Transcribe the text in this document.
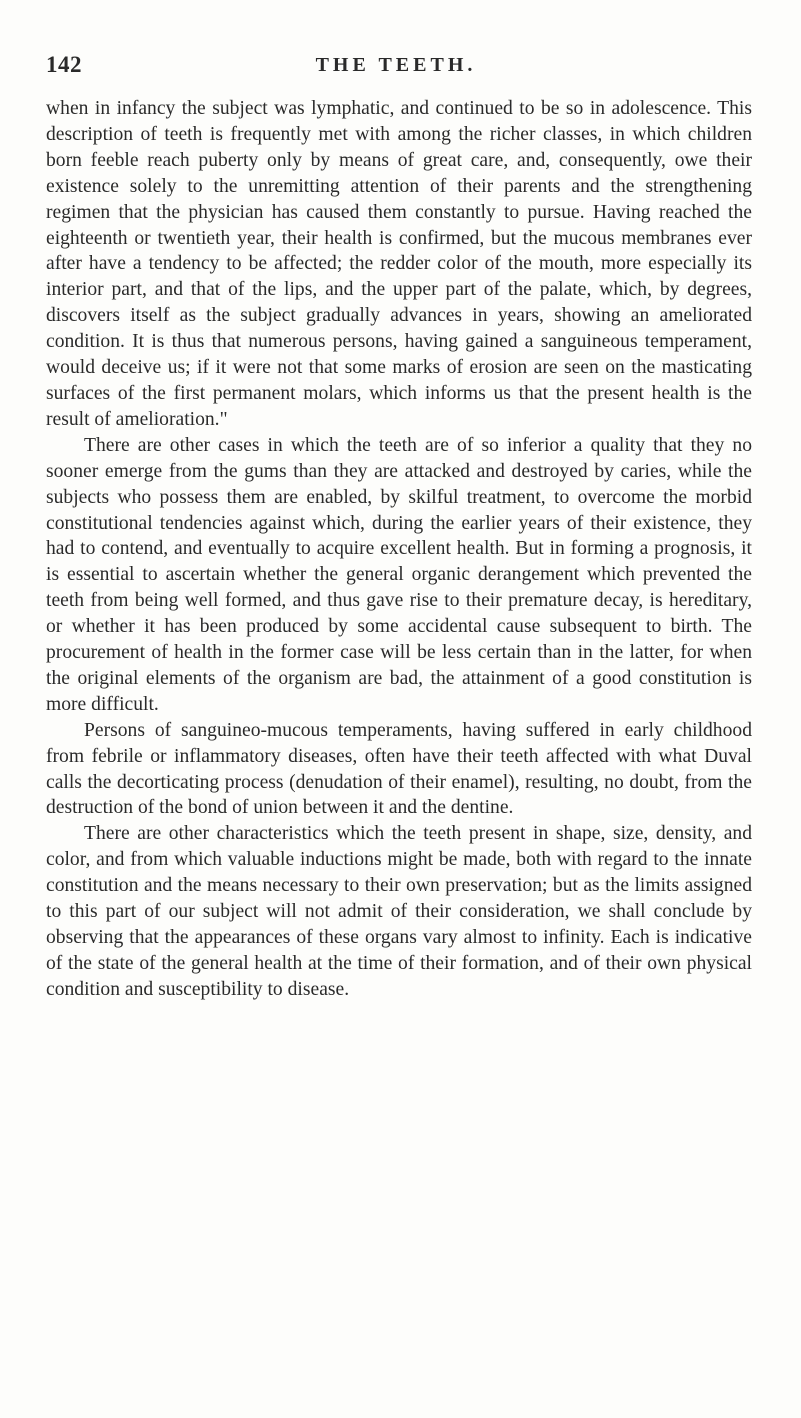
142	THE TEETH.

when in infancy the subject was lymphatic, and continued to be so in adolescence. This description of teeth is frequently met with among the richer classes, in which children born feeble reach puberty only by means of great care, and, consequently, owe their existence solely to the unremitting attention of their parents and the strengthening regimen that the physician has caused them constantly to pursue. Having reached the eighteenth or twentieth year, their health is confirmed, but the mucous membranes ever after have a tendency to be affected; the redder color of the mouth, more especially its interior part, and that of the lips, and the upper part of the palate, which, by degrees, discovers itself as the subject gradually advances in years, showing an ameliorated condition. It is thus that numerous persons, having gained a sanguineous temperament, would deceive us; if it were not that some marks of erosion are seen on the masticating surfaces of the first permanent molars, which informs us that the present health is the result of amelioration."

There are other cases in which the teeth are of so inferior a quality that they no sooner emerge from the gums than they are attacked and destroyed by caries, while the subjects who possess them are enabled, by skilful treatment, to overcome the morbid constitutional tendencies against which, during the earlier years of their existence, they had to contend, and eventually to acquire excellent health. But in forming a prognosis, it is essential to ascertain whether the general organic derangement which prevented the teeth from being well formed, and thus gave rise to their premature decay, is hereditary, or whether it has been produced by some accidental cause subsequent to birth. The procurement of health in the former case will be less certain than in the latter, for when the original elements of the organism are bad, the attainment of a good constitution is more difficult.

Persons of sanguineo-mucous temperaments, having suffered in early childhood from febrile or inflammatory diseases, often have their teeth affected with what Duval calls the decorticating process (denudation of their enamel), resulting, no doubt, from the destruction of the bond of union between it and the dentine.

There are other characteristics which the teeth present in shape, size, density, and color, and from which valuable inductions might be made, both with regard to the innate constitution and the means necessary to their own preservation; but as the limits assigned to this part of our subject will not admit of their consideration, we shall conclude by observing that the appearances of these organs vary almost to infinity. Each is indicative of the state of the general health at the time of their formation, and of their own physical condition and susceptibility to disease.
